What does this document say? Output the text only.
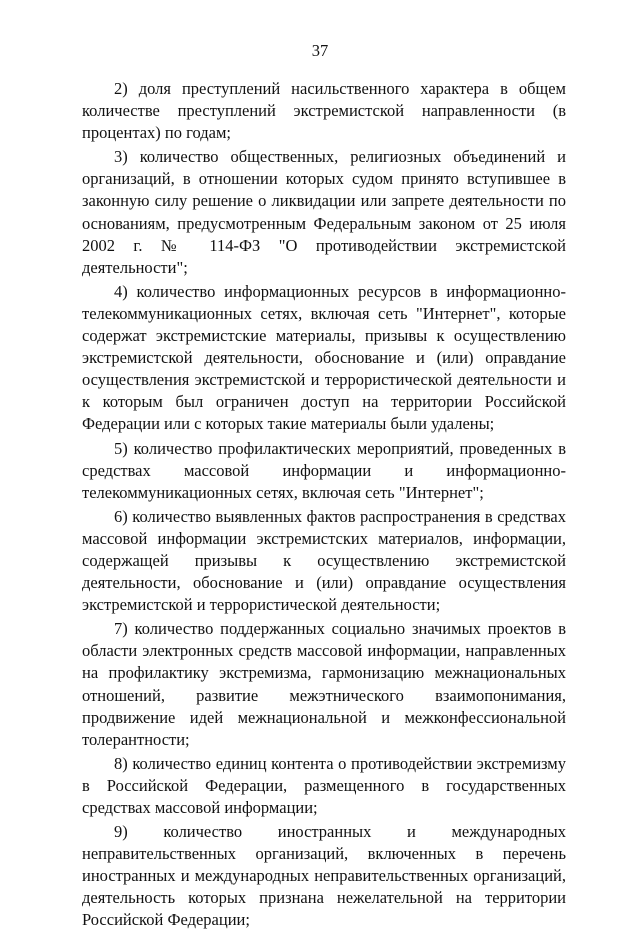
37

2) доля преступлений насильственного характера в общем количестве преступлений экстремистской направленности (в процентах) по годам;

3) количество общественных, религиозных объединений и организаций, в отношении которых судом принято вступившее в законную силу решение о ликвидации или запрете деятельности по основаниям, предусмотренным Федеральным законом от 25 июля 2002 г. № 114-ФЗ "О противодействии экстремистской деятельности";

4) количество информационных ресурсов в информационно-телекоммуникационных сетях, включая сеть "Интернет", которые содержат экстремистские материалы, призывы к осуществлению экстремистской деятельности, обоснование и (или) оправдание осуществления экстремистской и террористической деятельности и к которым был ограничен доступ на территории Российской Федерации или с которых такие материалы были удалены;

5) количество профилактических мероприятий, проведенных в средствах массовой информации и информационно-телекоммуникационных сетях, включая сеть "Интернет";

6) количество выявленных фактов распространения в средствах массовой информации экстремистских материалов, информации, содержащей призывы к осуществлению экстремистской деятельности, обоснование и (или) оправдание осуществления экстремистской и террористической деятельности;

7) количество поддержанных социально значимых проектов в области электронных средств массовой информации, направленных на профилактику экстремизма, гармонизацию межнациональных отношений, развитие межэтнического взаимопонимания, продвижение идей межнациональной и межконфессиональной толерантности;

8) количество единиц контента о противодействии экстремизму в Российской Федерации, размещенного в государственных средствах массовой информации;

9) количество иностранных и международных неправительственных организаций, включенных в перечень иностранных и международных неправительственных организаций, деятельность которых признана нежелательной на территории Российской Федерации;
